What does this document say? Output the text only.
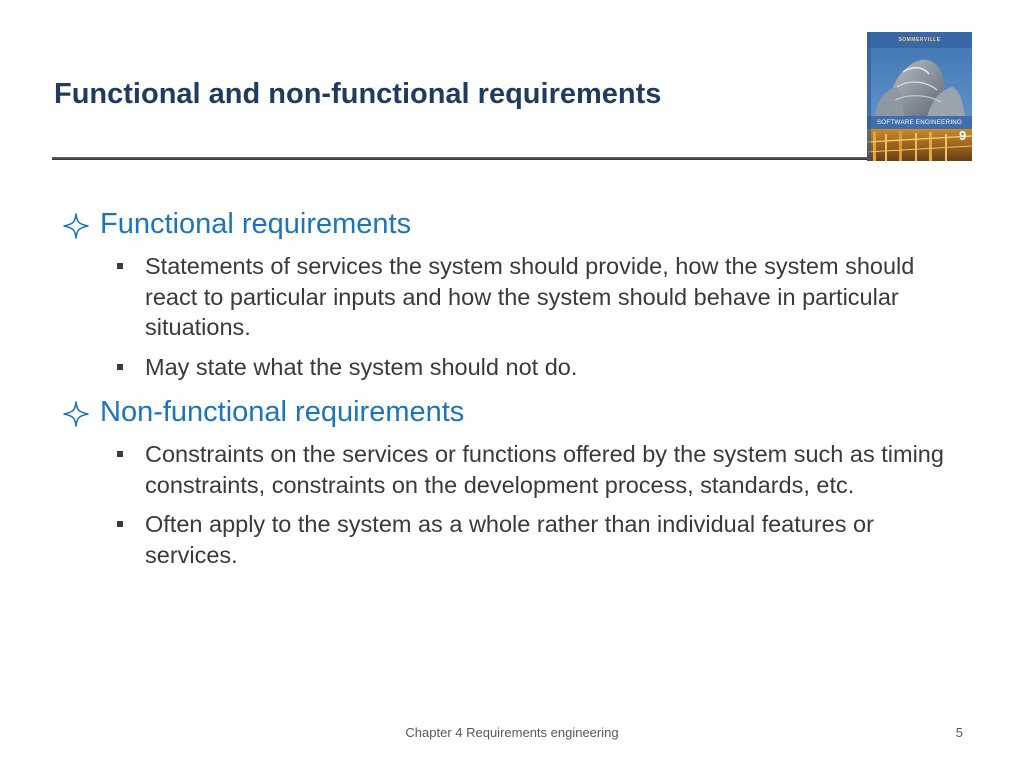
Functional and non-functional requirements
SOMMERVILLE
SOFTWARE ENGINEERING
9
Functional requirements
Statements of services the system should provide, how the system should react to particular inputs and how the system should behave in particular situations.
May state what the system should not do.
Non-functional requirements
Constraints on the services or functions offered by the system such as timing constraints, constraints on the development process, standards, etc.
Often apply to the system as a whole rather than individual features or services.
Chapter 4 Requirements engineering	5
